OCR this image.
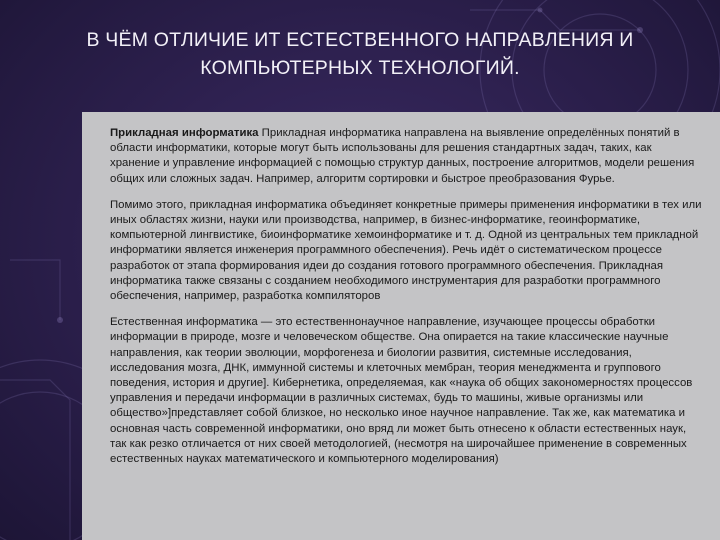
В ЧЁМ ОТЛИЧИЕ ИТ ЕСТЕСТВЕННОГО НАПРАВЛЕНИЯ И
КОМПЬЮТЕРНЫХ ТЕХНОЛОГИЙ.

Прикладная информатика Прикладная информатика направлена на выявление определённых понятий в области информатики, которые могут быть использованы для решения стандартных задач, таких, как хранение и управление информацией с помощью структур данных, построение алгоритмов, модели решения общих или сложных задач. Например, алгоритм сортировки и быстрое преобразования Фурье.

Помимо этого, прикладная информатика объединяет конкретные примеры применения информатики в тех или иных областях жизни, науки или производства, например, в бизнес-информатике, геоинформатике, компьютерной лингвистике, биоинформатике хемоинформатике и т. д. Одной из центральных тем прикладной информатики является инженерия программного обеспечения). Речь идёт о систематическом процессе разработок от этапа формирования идеи до создания готового программного обеспечения. Прикладная информатика также связаны с созданием необходимого инструментария для разработки программного обеспечения, например, разработка компиляторов

Естественная информатика — это естественнонаучное направление, изучающее процессы обработки информации в природе, мозге и человеческом обществе. Она опирается на такие классические научные направления, как теории эволюции, морфогенеза и биологии развития, системные исследования, исследования мозга, ДНК, иммунной системы и клеточных мембран, теория менеджмента и группового поведения, история и другие]. Кибернетика, определяемая, как «наука об общих закономерностях процессов управления и передачи информации в различных системах, будь то машины, живые организмы или общество»]представляет собой близкое, но несколько иное научное направление. Так же, как математика и основная часть современной информатики, оно вряд ли может быть отнесено к области естественных наук, так как резко отличается от них своей методологией, (несмотря на широчайшее применение в современных естественных науках математического и компьютерного моделирования)
